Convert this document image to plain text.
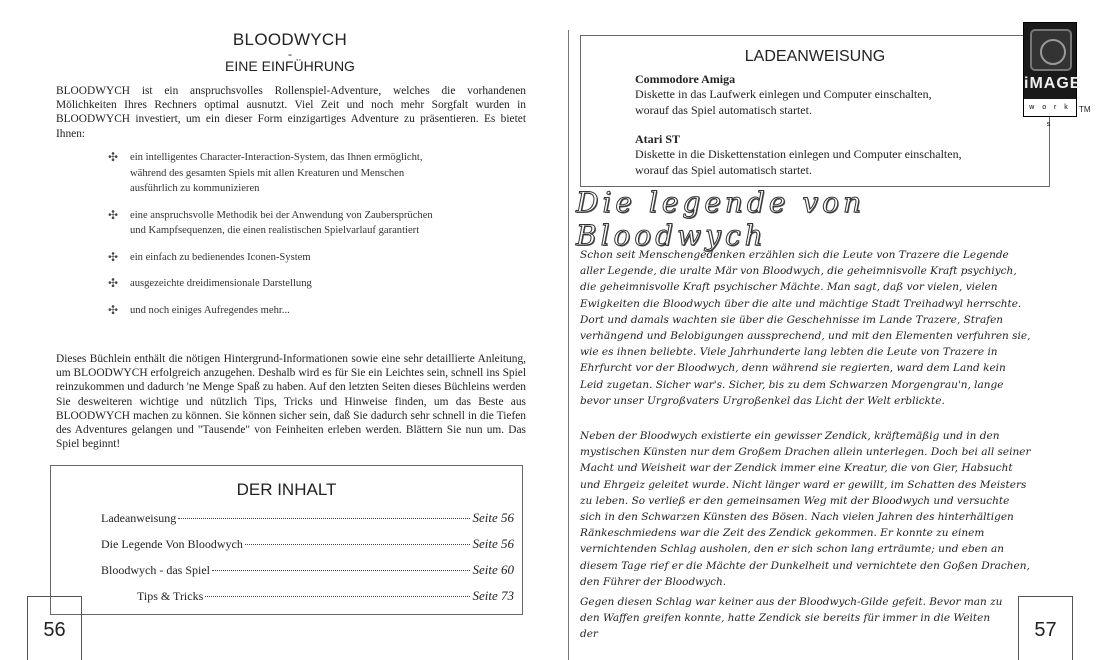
BLOODWYCH
-
EINE EINFÜHRUNG

BLOODWYCH ist ein anspruchsvolles Rollenspiel-Adventure, welches die vorhandenen Mölichkeiten Ihres Rechners optimal ausnutzt. Viel Zeit und noch mehr Sorgfalt wurden in BLOODWYCH investiert, um ein dieser Form einzigartiges Adventure zu präsentieren. Es bietet Ihnen:

✣ ein intelligentes Character-Interaction-System, das Ihnen ermöglicht, während des gesamten Spiels mit allen Kreaturen und Menschen ausführlich zu kommunizieren
✣ eine anspruchsvolle Methodik bei der Anwendung von Zaubersprüchen und Kampfsequenzen, die einen realistischen Spielvarlauf garantiert
✣ ein einfach zu bedienendes Iconen-System
✣ ausgezeichte dreidimensionale Darstellung
✣ und noch einiges Aufregendes mehr...

Dieses Büchlein enthält die nötigen Hintergrund-Informationen sowie eine sehr detaillierte Anleitung, um BLOODWYCH erfolgreich anzugehen. Deshalb wird es für Sie ein Leichtes sein, schnell ins Spiel reinzukommen und dadurch 'ne Menge Spaß zu haben. Auf den letzten Seiten dieses Büchleins werden Sie desweiteren wichtige und nützlich Tips, Tricks und Hinweise finden, um das Beste aus BLOODWYCH machen zu können. Sie können sicher sein, daß Sie dadurch sehr schnell in die Tiefen des Adventures gelangen und "Tausende" von Feinheiten erleben werden. Blättern Sie nun um. Das Spiel beginnt!

DER INHALT
Ladeanweisung	Seite 56
Die Legende Von Bloodwych	Seite 56
Bloodwych - das Spiel	Seite 60
Tips & Tricks	Seite 73
56
LADEANWEISUNG
Commodore Amiga
Diskette in das Laufwerk einlegen und Computer einschalten, worauf das Spiel automatisch startet.
Atari ST
Diskette in die Diskettenstation einlegen und Computer einschalten, worauf das Spiel automatisch startet.
iMAGE
w o r k s
TM
Die legende von Bloodwych

Schon seit Menschengedenken erzählen sich die Leute von Trazere die Legende aller Legende, die uralte Mär von Bloodwych, die geheimnisvolle Kraft psychiych, die geheimnisvolle Kraft psychischer Mächte. Man sagt, daß vor vielen, vielen Ewigkeiten die Bloodwych über die alte und mächtige Stadt Treihadwyl herrschte. Dort und damals wachten sie über die Geschehnisse im Lande Trazere, Strafen verhängend und Belobigungen aussprechend, und mit den Elementen verfuhren sie, wie es ihnen beliebte. Viele Jahrhunderte lang lebten die Leute von Trazere in Ehrfurcht vor der Bloodwych, denn während sie regierten, ward dem Land kein Leid zugetan. Sicher war's. Sicher, bis zu dem Schwarzen Morgengrau'n, lange bevor unser Urgroßvaters Urgroßenkel das Licht der Welt erblickte.

Neben der Bloodwych existierte ein gewisser Zendick, kräftemäßig und in den mystischen Künsten nur dem Großem Drachen allein unterlegen. Doch bei all seiner Macht und Weisheit war der Zendick immer eine Kreatur, die von Gier, Habsucht und Ehrgeiz geleitet wurde. Nicht länger ward er gewillt, im Schatten des Meisters zu leben. So verließ er den gemeinsamen Weg mit der Bloodwych und versuchte sich in den Schwarzen Künsten des Bösen. Nach vielen Jahren des hinterhältigen Ränkeschmiedens war die Zeit des Zendick gekommen. Er konnte zu einem vernichtenden Schlag ausholen, den er sich schon lang erträumte; und eben an diesem Tage rief er die Mächte der Dunkelheit und vernichtete den Goßen Drachen, den Führer der Bloodwych.

Gegen diesen Schlag war keiner aus der Bloodwych-Gilde gefeit. Bevor man zu den Waffen greifen konnte, hatte Zendick sie bereits für immer in die Weiten der	57
